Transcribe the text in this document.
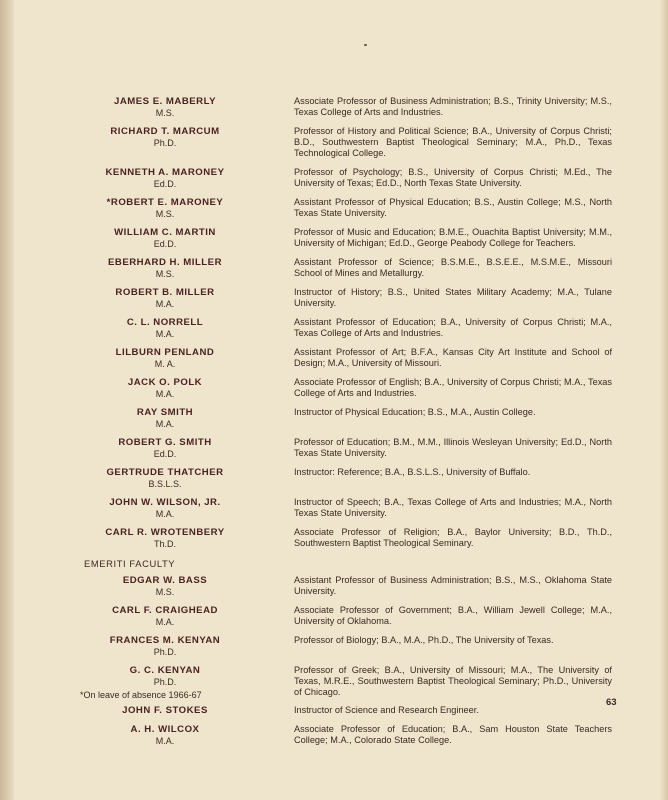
JAMES E. MABERLY
M.S.
Associate Professor of Business Administration; B.S., Trinity University; M.S., Texas College of Arts and Industries.
RICHARD T. MARCUM
Ph.D.
Professor of History and Political Science; B.A., University of Corpus Christi; B.D., Southwestern Baptist Theological Seminary; M.A., Ph.D., Texas Technological College.
KENNETH A. MARONEY
Ed.D.
Professor of Psychology; B.S., University of Corpus Christi; M.Ed., The University of Texas; Ed.D., North Texas State University.
*ROBERT E. MARONEY
M.S.
Assistant Professor of Physical Education; B.S., Austin College; M.S., North Texas State University.
WILLIAM C. MARTIN
Ed.D.
Professor of Music and Education; B.M.E., Ouachita Baptist University; M.M., University of Michigan; Ed.D., George Peabody College for Teachers.
EBERHARD H. MILLER
M.S.
Assistant Professor of Science; B.S.M.E., B.S.E.E., M.S.M.E., Missouri School of Mines and Metallurgy.
ROBERT B. MILLER
M.A.
Instructor of History; B.S., United States Military Academy; M.A., Tulane University.
C. L. NORRELL
M.A.
Assistant Professor of Education; B.A., University of Corpus Christi; M.A., Texas College of Arts and Industries.
LILBURN PENLAND
M. A.
Assistant Professor of Art; B.F.A., Kansas City Art Institute and School of Design; M.A., University of Missouri.
JACK O. POLK
M.A.
Associate Professor of English; B.A., University of Corpus Christi; M.A., Texas College of Arts and Industries.
RAY SMITH
M.A.
Instructor of Physical Education; B.S., M.A., Austin College.
ROBERT G. SMITH
Ed.D.
Professor of Education; B.M., M.M., Illinois Wesleyan University; Ed.D., North Texas State University.
GERTRUDE THATCHER
B.S.L.S.
Instructor: Reference; B.A., B.S.L.S., University of Buffalo.
JOHN W. WILSON, JR.
M.A.
Instructor of Speech; B.A., Texas College of Arts and Industries; M.A., North Texas State University.
CARL R. WROTENBERY
Th.D.
Associate Professor of Religion; B.A., Baylor University; B.D., Th.D., Southwestern Baptist Theological Seminary.
EMERITI FACULTY
EDGAR W. BASS
M.S.
Assistant Professor of Business Administration; B.S., M.S., Oklahoma State University.
CARL F. CRAIGHEAD
M.A.
Associate Professor of Government; B.A., William Jewell College; M.A., University of Oklahoma.
FRANCES M. KENYAN
Ph.D.
Professor of Biology; B.A., M.A., Ph.D., The University of Texas.
G. C. KENYAN
Ph.D.
Professor of Greek; B.A., University of Missouri; M.A., The University of Texas, M.R.E., Southwestern Baptist Theological Seminary; Ph.D., University of Chicago.
JOHN F. STOKES	Instructor of Science and Research Engineer.
A. H. WILCOX
M.A.
Associate Professor of Education; B.A., Sam Houston State Teachers College; M.A., Colorado State College.
*On leave of absence 1966-67
63
